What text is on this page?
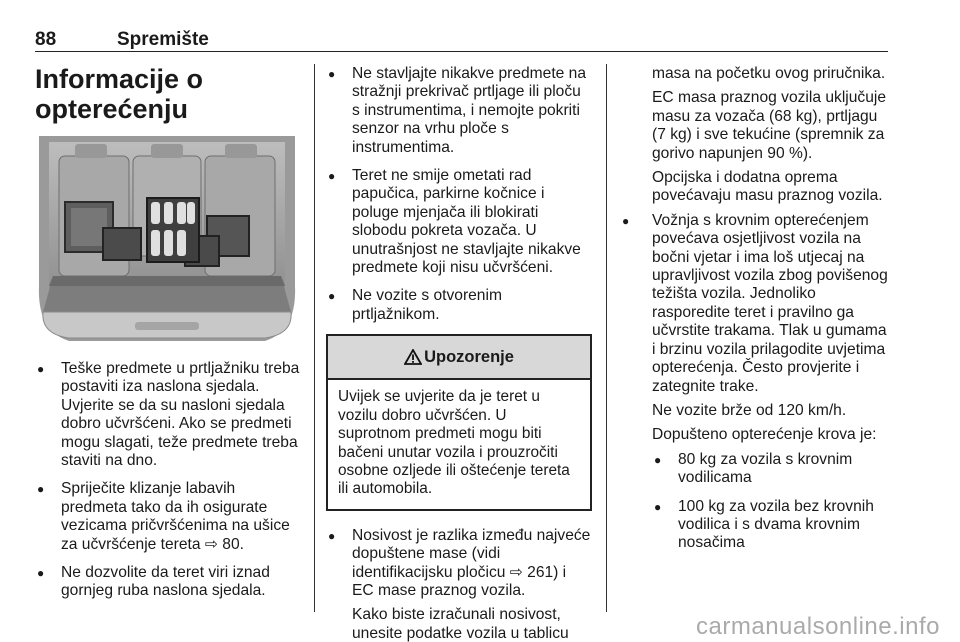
88	Spremište
Informacije o
opterećenju
● Teške predmete u prtljažniku treba postaviti iza naslona sjedala. Uvjerite se da su nasloni sjedala dobro učvršćeni. Ako se predmeti mogu slagati, teže predmete treba staviti na dno.
● Spriječite klizanje labavih predmeta tako da ih osigurate vezicama pričvršćenima na ušice za učvršćenje tereta ⇨ 80.
● Ne dozvolite da teret viri iznad gornjeg ruba naslona sjedala.
● Ne stavljajte nikakve predmete na stražnji prekrivač prtljage ili ploču s instrumentima, i nemojte pokriti senzor na vrhu ploče s instrumentima.
● Teret ne smije ometati rad papučica, parkirne kočnice i poluge mjenjača ili blokirati slobodu pokreta vozača. U unutrašnjost ne stavljajte nikakve predmete koji nisu učvršćeni.
● Ne vozite s otvorenim prtljažnikom.
Upozorenje
Uvijek se uvjerite da je teret u vozilu dobro učvršćen. U suprotnom predmeti mogu biti bačeni unutar vozila i prouzročiti osobne ozljede ili oštećenje tereta ili automobila.

● Nosivost je razlika između najveće dopuštene mase (vidi identifikacijsku pločicu ⇨ 261) i EC mase praznog vozila.

Kako biste izračunali nosivost, unesite podatke vozila u tablicu

masa na početku ovog priručnika.

EC masa praznog vozila uključuje masu za vozača (68 kg), prtljagu (7 kg) i sve tekućine (spremnik za gorivo napunjen 90 %).

Opcijska i dodatna oprema povećavaju masu praznog vozila.

● Vožnja s krovnim opterećenjem povećava osjetljivost vozila na bočni vjetar i ima loš utjecaj na upravljivost vozila zbog povišenog težišta vozila. Jednoliko rasporedite teret i pravilno ga učvrstite trakama. Tlak u gumama i brzinu vozila prilagodite uvjetima opterećenja. Često provjerite i zategnite trake.

Ne vozite brže od 120 km/h.

Dopušteno opterećenje krova je:

● 80 kg za vozila s krovnim vodilicama
● 100 kg za vozila bez krovnih vodilica i s dvama krovnim nosačima
carmanualsonline.info
